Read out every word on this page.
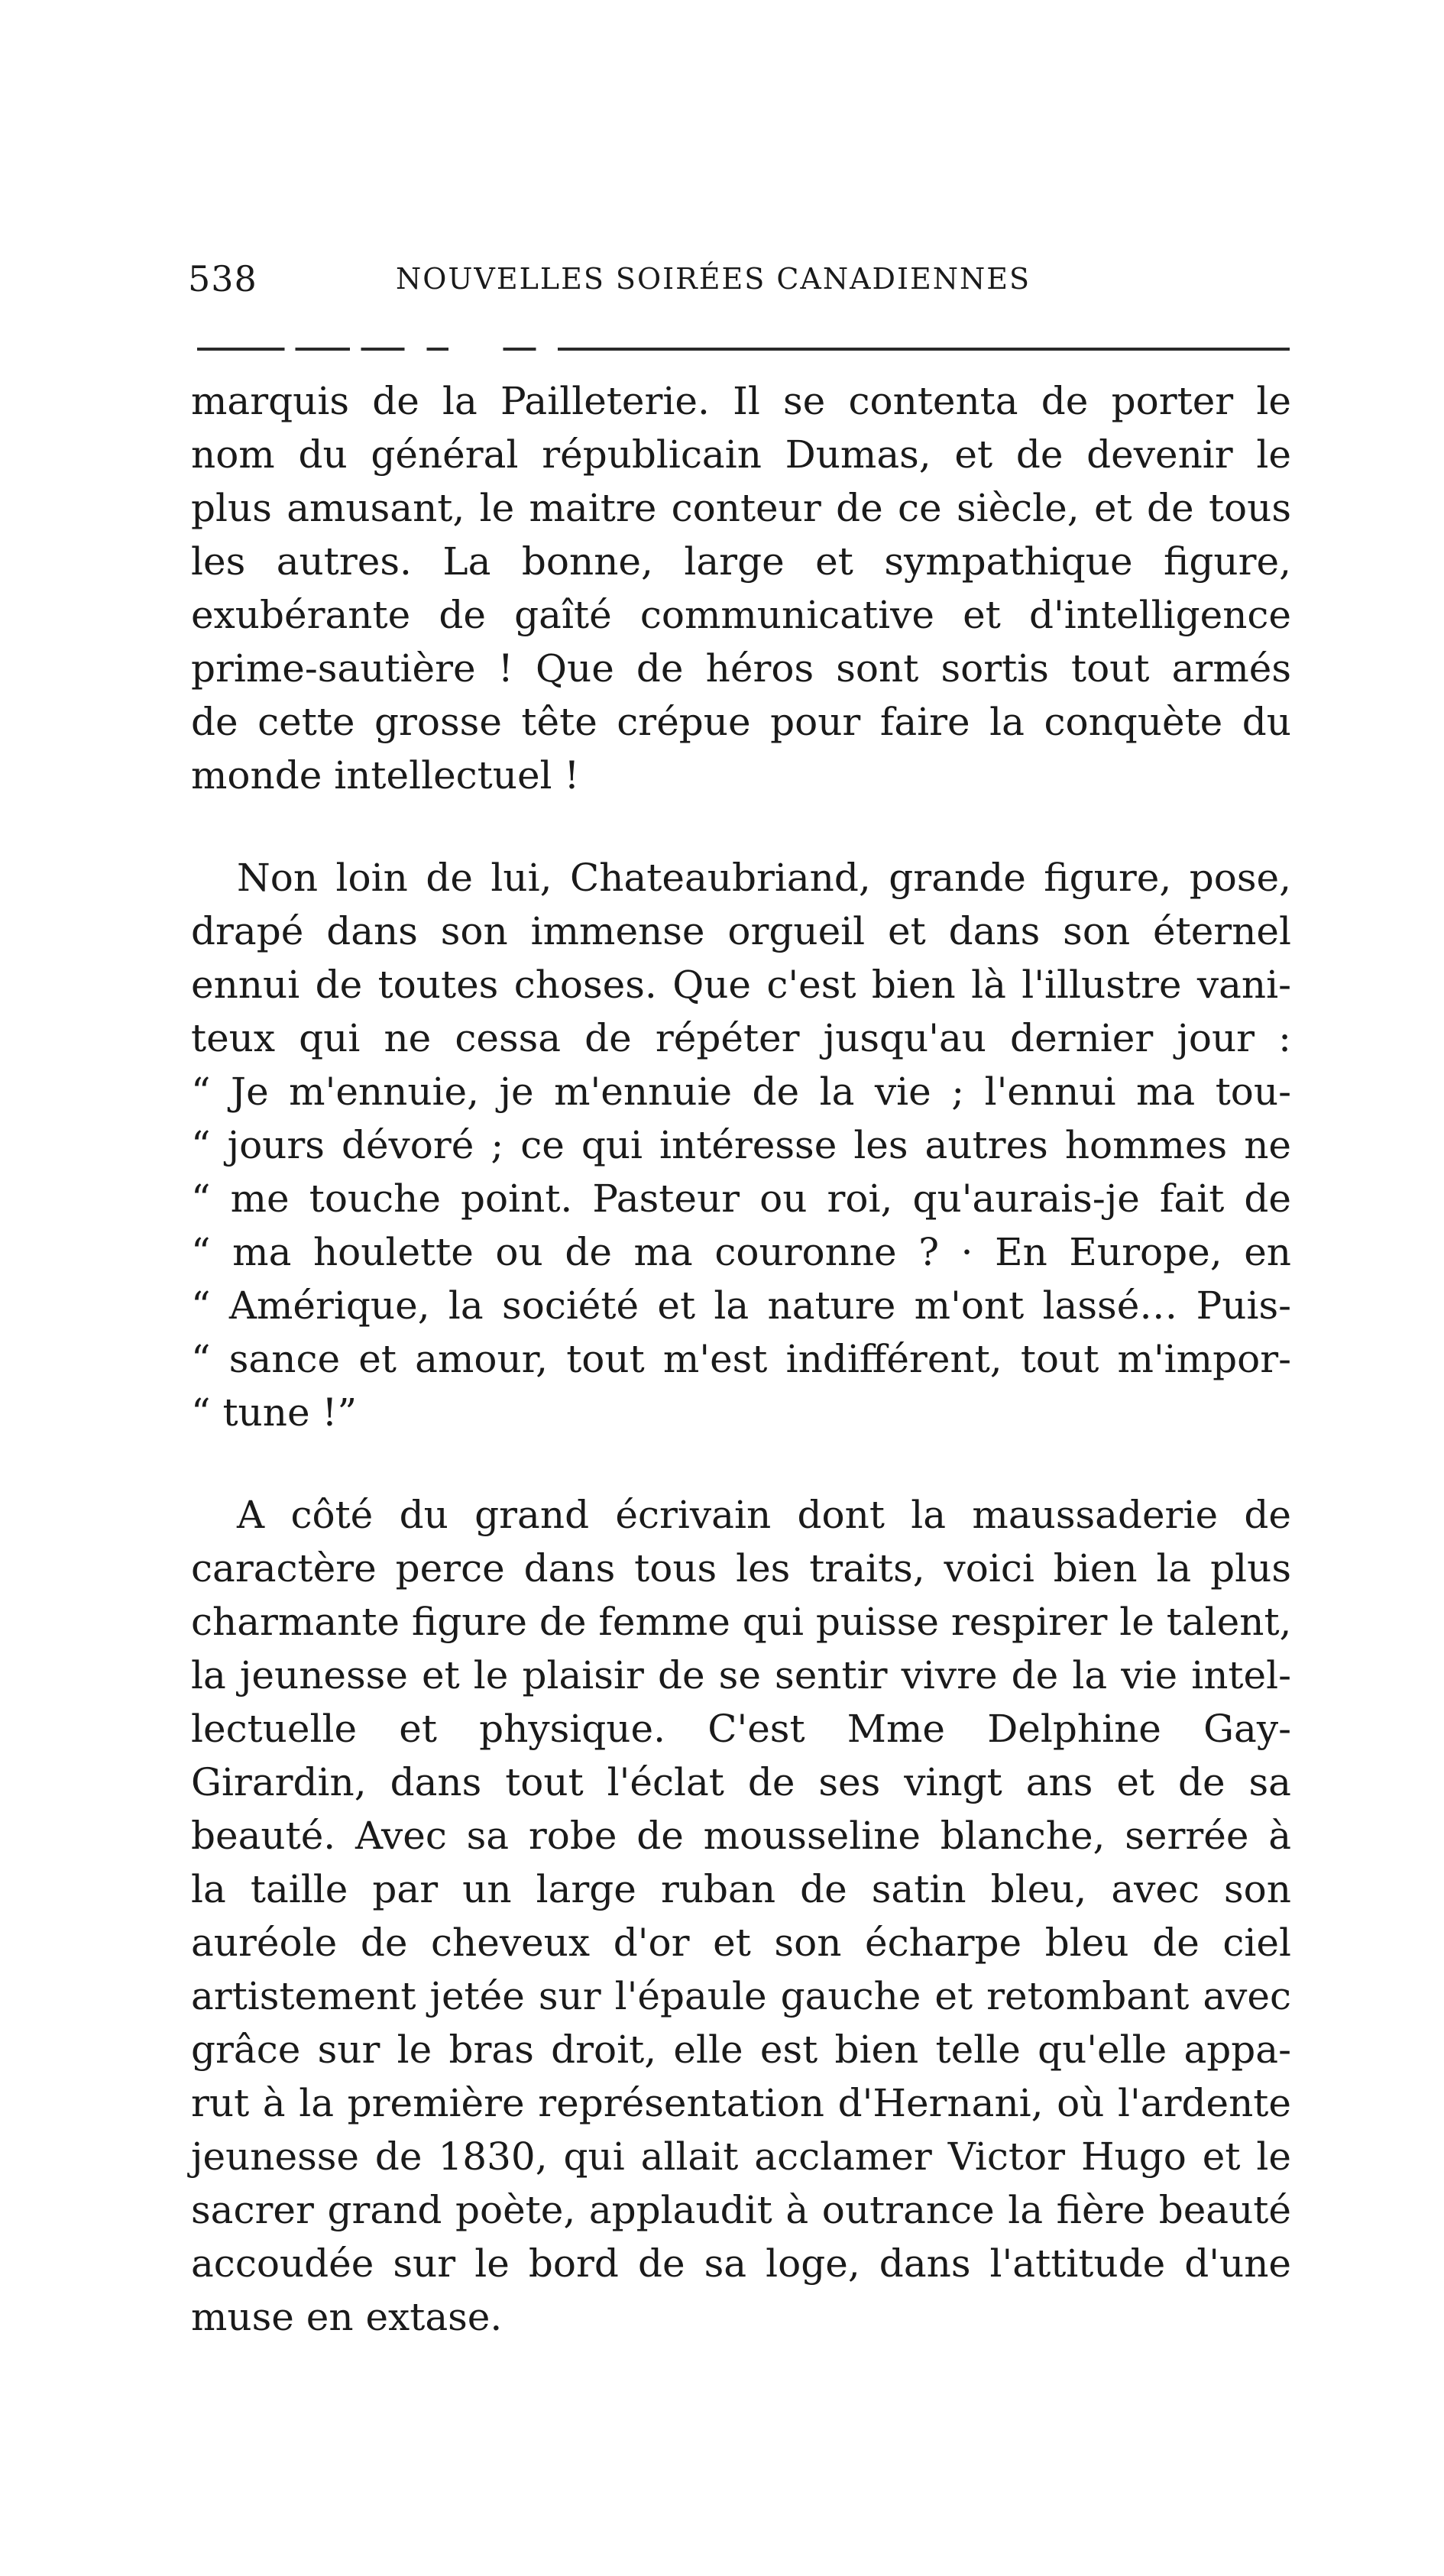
538	NOUVELLES SOIRÉES CANADIENNES

marquis de la Pailleterie. Il se contenta de porter le
nom du général républicain Dumas, et de devenir le
plus amusant, le maitre conteur de ce siècle, et de tous
les autres. La bonne, large et sympathique figure,
exubérante de gaîté communicative et d'intelligence
prime-sautière ! Que de héros sont sortis tout armés
de cette grosse tête crépue pour faire la conquète du
monde intellectuel !

Non loin de lui, Chateaubriand, grande figure, pose,
drapé dans son immense orgueil et dans son éternel
ennui de toutes choses. Que c'est bien là l'illustre vani-
teux qui ne cessa de répéter jusqu'au dernier jour :
“ Je m'ennuie, je m'ennuie de la vie ; l'ennui ma tou-
“ jours dévoré ; ce qui intéresse les autres hommes ne
“ me touche point. Pasteur ou roi, qu'aurais-je fait de
“ ma houlette ou de ma couronne ? · En Europe, en
“ Amérique, la société et la nature m'ont lassé… Puis-
“ sance et amour, tout m'est indifférent, tout m'impor-
“ tune !”

A côté du grand écrivain dont la maussaderie de
caractère perce dans tous les traits, voici bien la plus
charmante figure de femme qui puisse respirer le talent,
la jeunesse et le plaisir de se sentir vivre de la vie intel-
lectuelle et physique. C'est Mme Delphine Gay-
Girardin, dans tout l'éclat de ses vingt ans et de sa
beauté. Avec sa robe de mousseline blanche, serrée à
la taille par un large ruban de satin bleu, avec son
auréole de cheveux d'or et son écharpe bleu de ciel
artistement jetée sur l'épaule gauche et retombant avec
grâce sur le bras droit, elle est bien telle qu'elle appa-
rut à la première représentation d'Hernani, où l'ardente
jeunesse de 1830, qui allait acclamer Victor Hugo et le
sacrer grand poète, applaudit à outrance la fière beauté
accoudée sur le bord de sa loge, dans l'attitude d'une
muse en extase.
